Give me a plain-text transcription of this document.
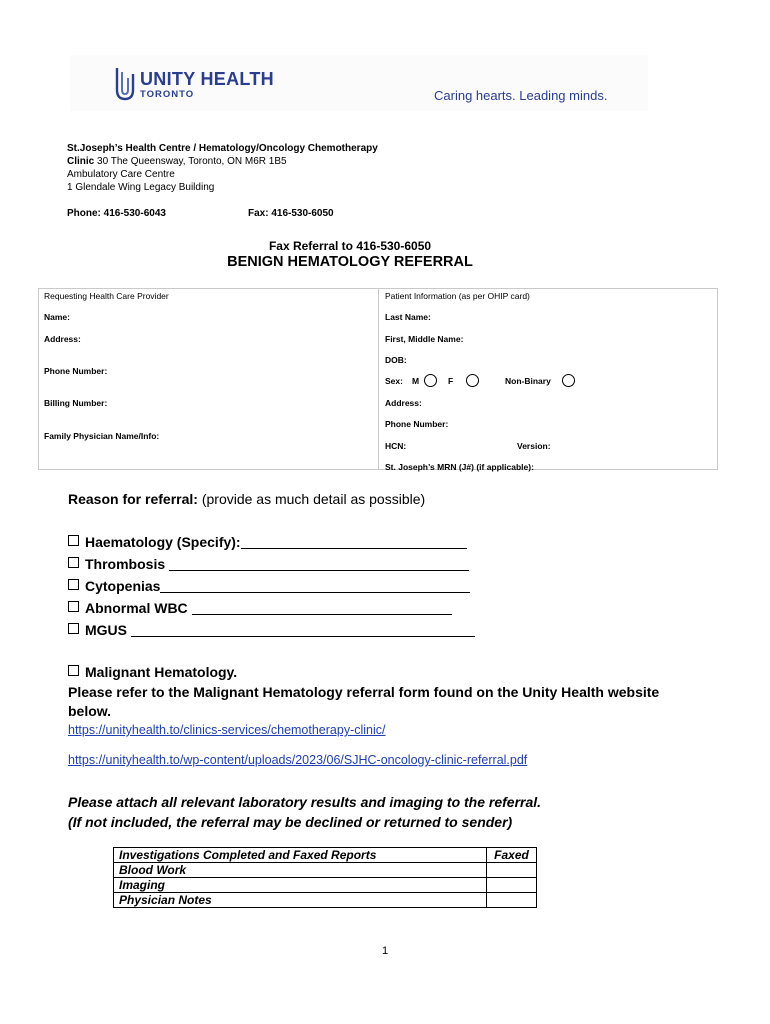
UNITY HEALTH
TORONTO	Caring hearts. Leading minds.
St.Joseph’s Health Centre / Hematology/Oncology Chemotherapy
Clinic 30 The Queensway, Toronto, ON M6R 1B5
Ambulatory Care Centre
1 Glendale Wing Legacy Building
Phone: 416-530-6043	Fax: 416-530-6050
Fax Referral to 416-530-6050
BENIGN HEMATOLOGY REFERRAL
Requesting Health Care Provider
Name:
Address:
Phone Number:
Billing Number:
Family Physician Name/Info:
Patient Information (as per OHIP card)
Last Name:
First, Middle Name:
DOB:
Sex: M	F	Non-Binary
Address:
Phone Number:
HCN:	Version:
St. Joseph’s MRN (J#) (if applicable):
Reason for referral: (provide as much detail as possible)
Haematology (Specify):
Thrombosis
Cytopenias
Abnormal WBC
MGUS
Malignant Hematology.
Please refer to the Malignant Hematology referral form found on the Unity Health website below.
https://unityhealth.to/clinics-services/chemotherapy-clinic/
https://unityhealth.to/wp-content/uploads/2023/06/SJHC-oncology-clinic-referral.pdf
Please attach all relevant laboratory results and imaging to the referral.
(If not included, the referral may be declined or returned to sender)
Investigations Completed and Faxed Reports	Faxed
Blood Work	
Imaging	
Physician Notes	
1
